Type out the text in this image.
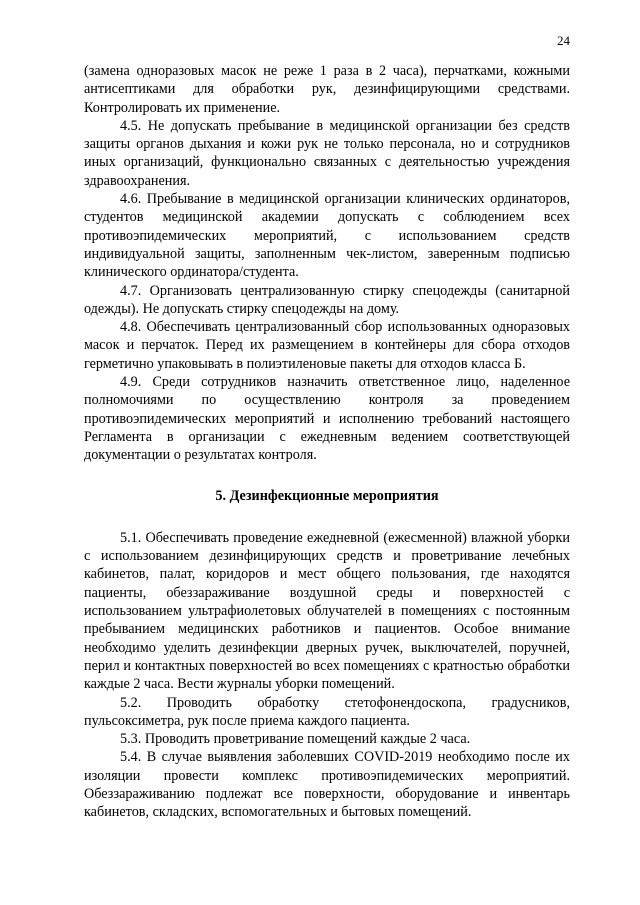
24

(замена одноразовых масок не реже 1 раза в 2 часа), перчатками, кожными антисептиками для обработки рук, дезинфицирующими средствами. Контролировать их применение.

4.5. Не допускать пребывание в медицинской организации без средств защиты органов дыхания и кожи рук не только персонала, но и сотрудников иных организаций, функционально связанных с деятельностью учреждения здравоохранения.

4.6. Пребывание в медицинской организации клинических ординаторов, студентов медицинской академии допускать с соблюдением всех противоэпидемических мероприятий, с использованием средств индивидуальной защиты, заполненным чек-листом, заверенным подписью клинического ординатора/студента.

4.7. Организовать централизованную стирку спецодежды (санитарной одежды). Не допускать стирку спецодежды на дому.

4.8. Обеспечивать централизованный сбор использованных одноразовых масок и перчаток. Перед их размещением в контейнеры для сбора отходов герметично упаковывать в полиэтиленовые пакеты для отходов класса Б.

4.9. Среди сотрудников назначить ответственное лицо, наделенное полномочиями по осуществлению контроля за проведением противоэпидемических мероприятий и исполнению требований настоящего Регламента в организации с ежедневным ведением соответствующей документации о результатах контроля.

5. Дезинфекционные мероприятия

5.1. Обеспечивать проведение ежедневной (ежесменной) влажной уборки с использованием дезинфицирующих средств и проветривание лечебных кабинетов, палат, коридоров и мест общего пользования, где находятся пациенты, обеззараживание воздушной среды и поверхностей с использованием ультрафиолетовых облучателей в помещениях с постоянным пребыванием медицинских работников и пациентов. Особое внимание необходимо уделить дезинфекции дверных ручек, выключателей, поручней, перил и контактных поверхностей во всех помещениях с кратностью обработки каждые 2 часа. Вести журналы уборки помещений.

5.2. Проводить обработку стетофонендоскопа, градусников, пульсоксиметра, рук после приема каждого пациента.

5.3. Проводить проветривание помещений каждые 2 часа.

5.4. В случае выявления заболевших COVID-2019 необходимо после их изоляции провести комплекс противоэпидемических мероприятий. Обеззараживанию подлежат все поверхности, оборудование и инвентарь кабинетов, складских, вспомогательных и бытовых помещений.
